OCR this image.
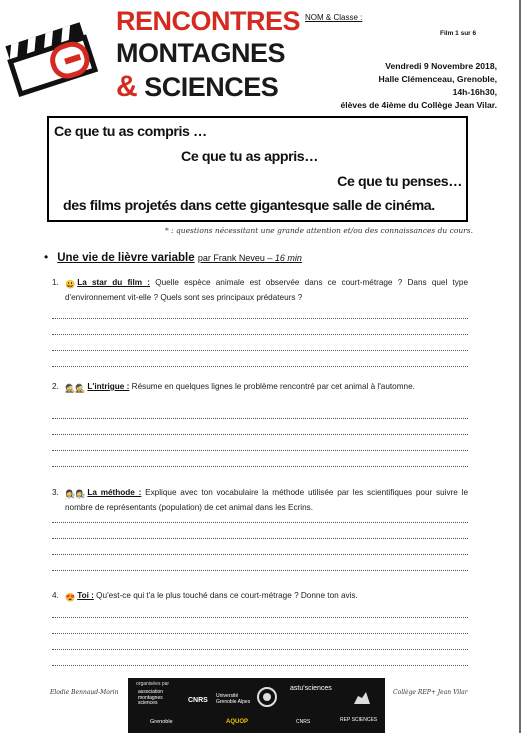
RENCONTRES
MONTAGNES
& SCIENCES
NOM & Classe :
Film 1 sur 6
Vendredi 9 Novembre 2018,
Halle Clémenceau, Grenoble,
14h-16h30,
élèves de 4ième du Collège Jean Vilar.
Ce que tu as compris …
Ce que tu as appris…
Ce que tu penses…
des films projetés dans cette gigantesque salle de cinéma.
* : questions nécessitant une grande attention et/ou des connaissances du cours.
• Une vie de lièvre variable par Frank Neveu – 16 min
1. 😃 La star du film : Quelle espèce animale est observée dans ce court-métrage ? Dans quel type d'environnement vit-elle ? Quels sont ses principaux prédateurs ?
2. 🕵️🕵️ L'intrigue : Résume en quelques lignes le problème rencontré par cet animal à l'automne.
3. 👩‍🔬👩‍🔬 La méthode : Explique avec ton vocabulaire la méthode utilisée par les scientifiques pour suivre le nombre de représentants (population) de cet animal dans les Ecrins.
4. 😍 Toi : Qu'est-ce qui t'a le plus touché dans ce court-métrage ? Donne ton avis.
Elodie Bennaud-Morin	Collège REP+ Jean Vilar
organisées par
association montagnes sciences	CNRS
Université Grenoble Alpes
astu'sciences
Grenoble	AQUOP	CNRS	REP SCIENCES
